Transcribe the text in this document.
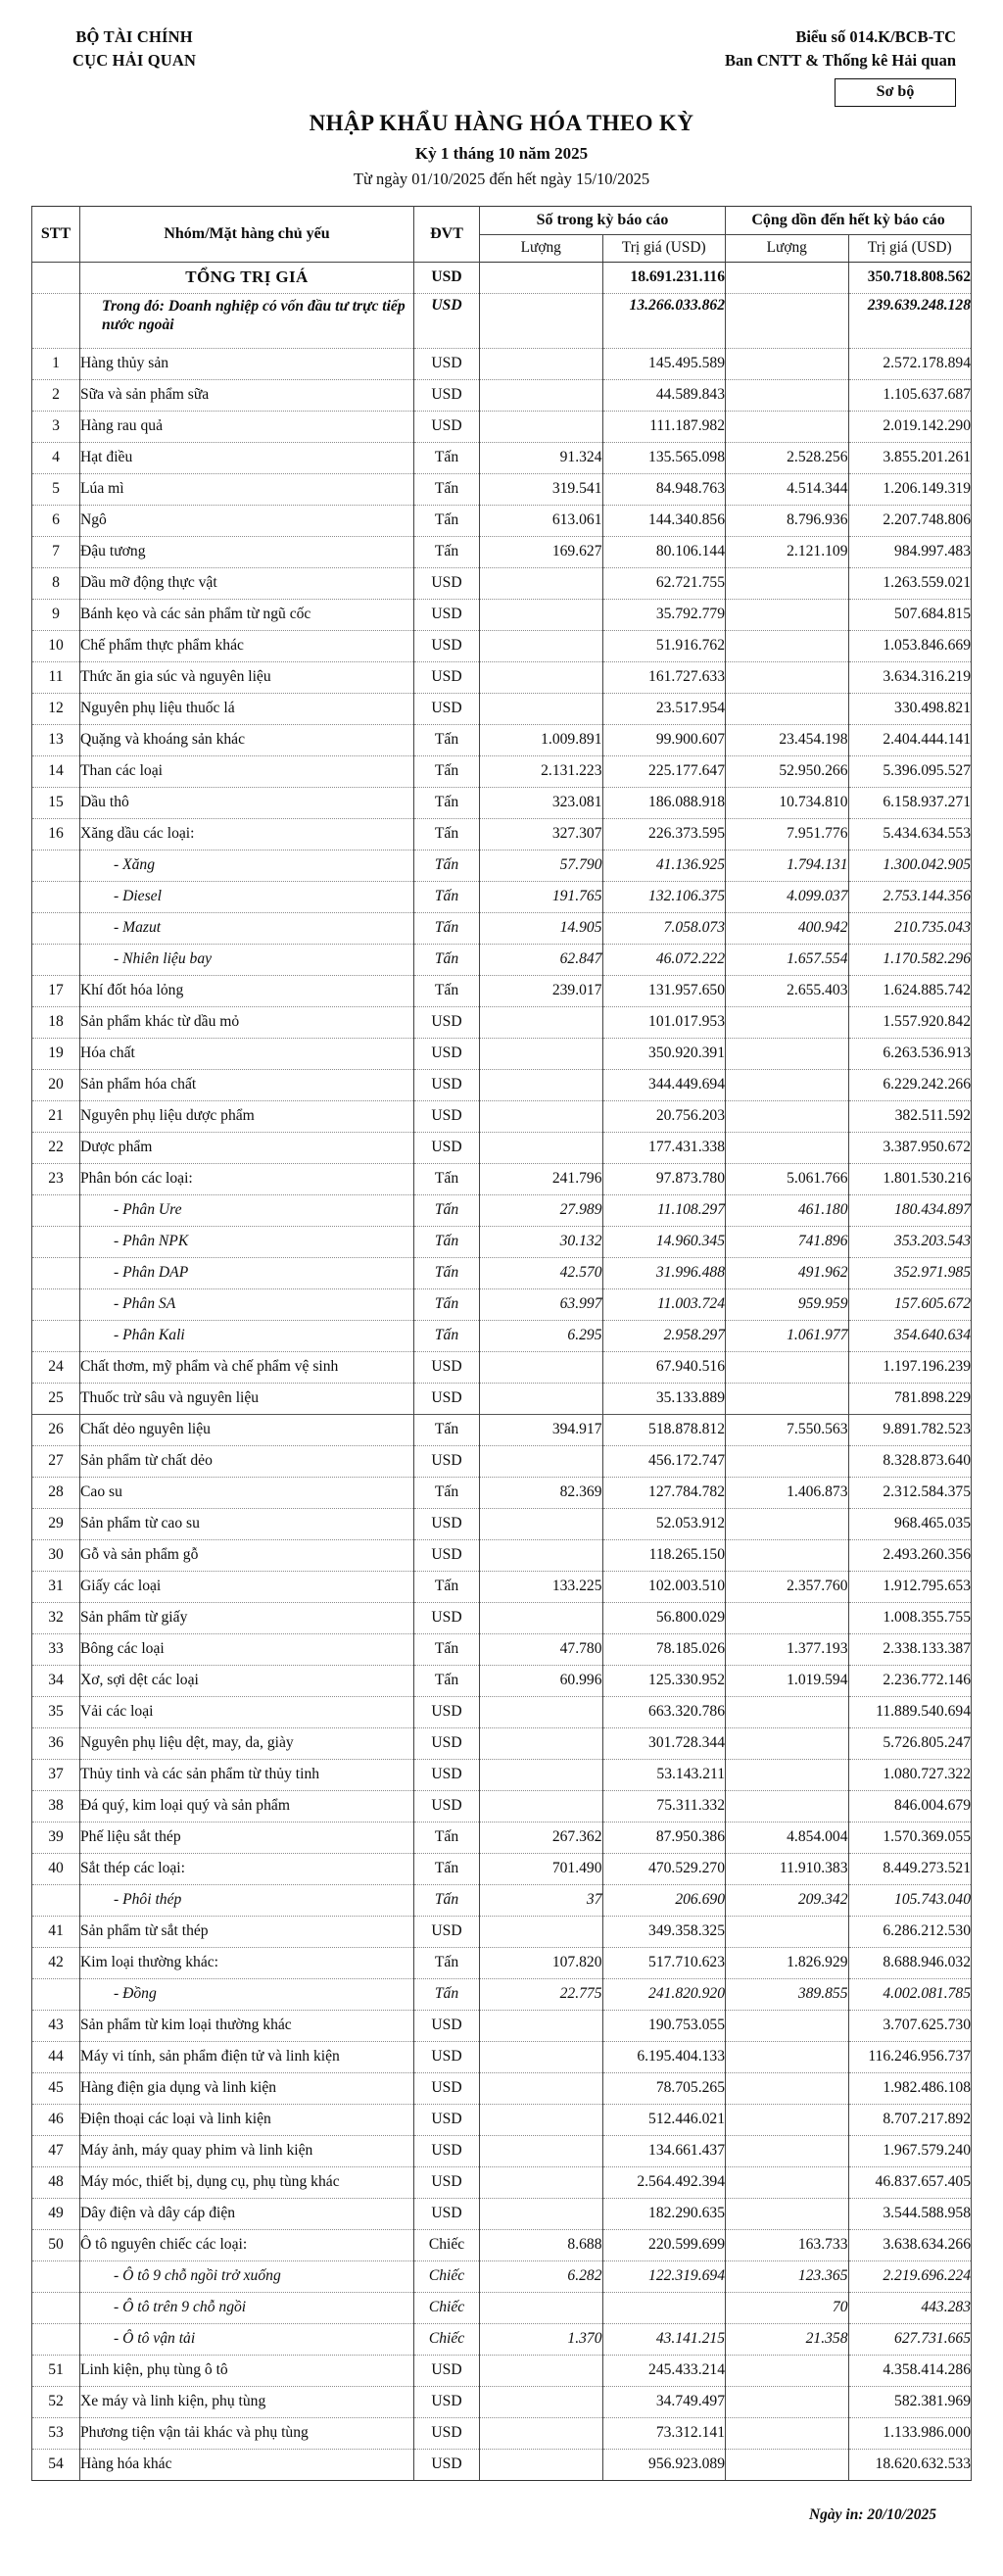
BỘ TÀI CHÍNH
CỤC HẢI QUAN
Biểu số 014.K/BCB-TC
Ban CNTT & Thống kê Hải quan
Sơ bộ
NHẬP KHẨU HÀNG HÓA THEO KỲ
Kỳ 1 tháng 10 năm 2025
Từ ngày 01/10/2025 đến hết ngày 15/10/2025
STT	Nhóm/Mặt hàng chủ yếu	ĐVT	Số trong kỳ báo cáo		Cộng dồn đến hết kỳ báo cáo	
			Lượng	Trị giá (USD)	Lượng	Trị giá (USD)
	TỔNG TRỊ GIÁ	USD		18.691.231.116		350.718.808.562
	Trong đó: Doanh nghiệp có vốn đầu tư trực tiếp nước ngoài	USD		13.266.033.862		239.639.248.128
1	Hàng thủy sản	USD		145.495.589		2.572.178.894
2	Sữa và sản phẩm sữa	USD		44.589.843		1.105.637.687
3	Hàng rau quả	USD		111.187.982		2.019.142.290
4	Hạt điều	Tấn	91.324	135.565.098	2.528.256	3.855.201.261
5	Lúa mì	Tấn	319.541	84.948.763	4.514.344	1.206.149.319
6	Ngô	Tấn	613.061	144.340.856	8.796.936	2.207.748.806
7	Đậu tương	Tấn	169.627	80.106.144	2.121.109	984.997.483
8	Dầu mỡ động thực vật	USD		62.721.755		1.263.559.021
9	Bánh kẹo và các sản phẩm từ ngũ cốc	USD		35.792.779		507.684.815
10	Chế phẩm thực phẩm khác	USD		51.916.762		1.053.846.669
11	Thức ăn gia súc và nguyên liệu	USD		161.727.633		3.634.316.219
12	Nguyên phụ liệu thuốc lá	USD		23.517.954		330.498.821
13	Quặng và khoáng sản khác	Tấn	1.009.891	99.900.607	23.454.198	2.404.444.141
14	Than các loại	Tấn	2.131.223	225.177.647	52.950.266	5.396.095.527
15	Dầu thô	Tấn	323.081	186.088.918	10.734.810	6.158.937.271
16	Xăng dầu các loại:	Tấn	327.307	226.373.595	7.951.776	5.434.634.553
	- Xăng	Tấn	57.790	41.136.925	1.794.131	1.300.042.905
	- Diesel	Tấn	191.765	132.106.375	4.099.037	2.753.144.356
	- Mazut	Tấn	14.905	7.058.073	400.942	210.735.043
	- Nhiên liệu bay	Tấn	62.847	46.072.222	1.657.554	1.170.582.296
17	Khí đốt hóa lỏng	Tấn	239.017	131.957.650	2.655.403	1.624.885.742
18	Sản phẩm khác từ dầu mỏ	USD		101.017.953		1.557.920.842
19	Hóa chất	USD		350.920.391		6.263.536.913
20	Sản phẩm hóa chất	USD		344.449.694		6.229.242.266
21	Nguyên phụ liệu dược phẩm	USD		20.756.203		382.511.592
22	Dược phẩm	USD		177.431.338		3.387.950.672
23	Phân bón các loại:	Tấn	241.796	97.873.780	5.061.766	1.801.530.216
	- Phân Ure	Tấn	27.989	11.108.297	461.180	180.434.897
	- Phân NPK	Tấn	30.132	14.960.345	741.896	353.203.543
	- Phân DAP	Tấn	42.570	31.996.488	491.962	352.971.985
	- Phân SA	Tấn	63.997	11.003.724	959.959	157.605.672
	- Phân Kali	Tấn	6.295	2.958.297	1.061.977	354.640.634
24	Chất thơm, mỹ phẩm và chế phẩm vệ sinh	USD		67.940.516		1.197.196.239
25	Thuốc trừ sâu và nguyên liệu	USD		35.133.889		781.898.229
26	Chất dẻo nguyên liệu	Tấn	394.917	518.878.812	7.550.563	9.891.782.523
27	Sản phẩm từ chất dẻo	USD		456.172.747		8.328.873.640
28	Cao su	Tấn	82.369	127.784.782	1.406.873	2.312.584.375
29	Sản phẩm từ cao su	USD		52.053.912		968.465.035
30	Gỗ và sản phẩm gỗ	USD		118.265.150		2.493.260.356
31	Giấy các loại	Tấn	133.225	102.003.510	2.357.760	1.912.795.653
32	Sản phẩm từ giấy	USD		56.800.029		1.008.355.755
33	Bông các loại	Tấn	47.780	78.185.026	1.377.193	2.338.133.387
34	Xơ, sợi dệt các loại	Tấn	60.996	125.330.952	1.019.594	2.236.772.146
35	Vải các loại	USD		663.320.786		11.889.540.694
36	Nguyên phụ liệu dệt, may, da, giày	USD		301.728.344		5.726.805.247
37	Thủy tinh và các sản phẩm từ thủy tinh	USD		53.143.211		1.080.727.322
38	Đá quý, kim loại quý và sản phẩm	USD		75.311.332		846.004.679
39	Phế liệu sắt thép	Tấn	267.362	87.950.386	4.854.004	1.570.369.055
40	Sắt thép các loại:	Tấn	701.490	470.529.270	11.910.383	8.449.273.521
	- Phôi thép	Tấn	37	206.690	209.342	105.743.040
41	Sản phẩm từ sắt thép	USD		349.358.325		6.286.212.530
42	Kim loại thường khác:	Tấn	107.820	517.710.623	1.826.929	8.688.946.032
	- Đồng	Tấn	22.775	241.820.920	389.855	4.002.081.785
43	Sản phẩm từ kim loại thường khác	USD		190.753.055		3.707.625.730
44	Máy vi tính, sản phẩm điện tử và linh kiện	USD		6.195.404.133		116.246.956.737
45	Hàng điện gia dụng và linh kiện	USD		78.705.265		1.982.486.108
46	Điện thoại các loại và linh kiện	USD		512.446.021		8.707.217.892
47	Máy ảnh, máy quay phim và linh kiện	USD		134.661.437		1.967.579.240
48	Máy móc, thiết bị, dụng cụ, phụ tùng khác	USD		2.564.492.394		46.837.657.405
49	Dây điện và dây cáp điện	USD		182.290.635		3.544.588.958
50	Ô tô nguyên chiếc các loại:	Chiếc	8.688	220.599.699	163.733	3.638.634.266
	- Ô tô 9 chỗ ngồi trở xuống	Chiếc	6.282	122.319.694	123.365	2.219.696.224
	- Ô tô trên 9 chỗ ngồi	Chiếc			70	443.283
	- Ô tô vận tải	Chiếc	1.370	43.141.215	21.358	627.731.665
51	Linh kiện, phụ tùng ô tô	USD		245.433.214		4.358.414.286
52	Xe máy và linh kiện, phụ tùng	USD		34.749.497		582.381.969
53	Phương tiện vận tải khác và phụ tùng	USD		73.312.141		1.133.986.000
54	Hàng hóa khác	USD		956.923.089		18.620.632.533
Ngày in: 20/10/2025
